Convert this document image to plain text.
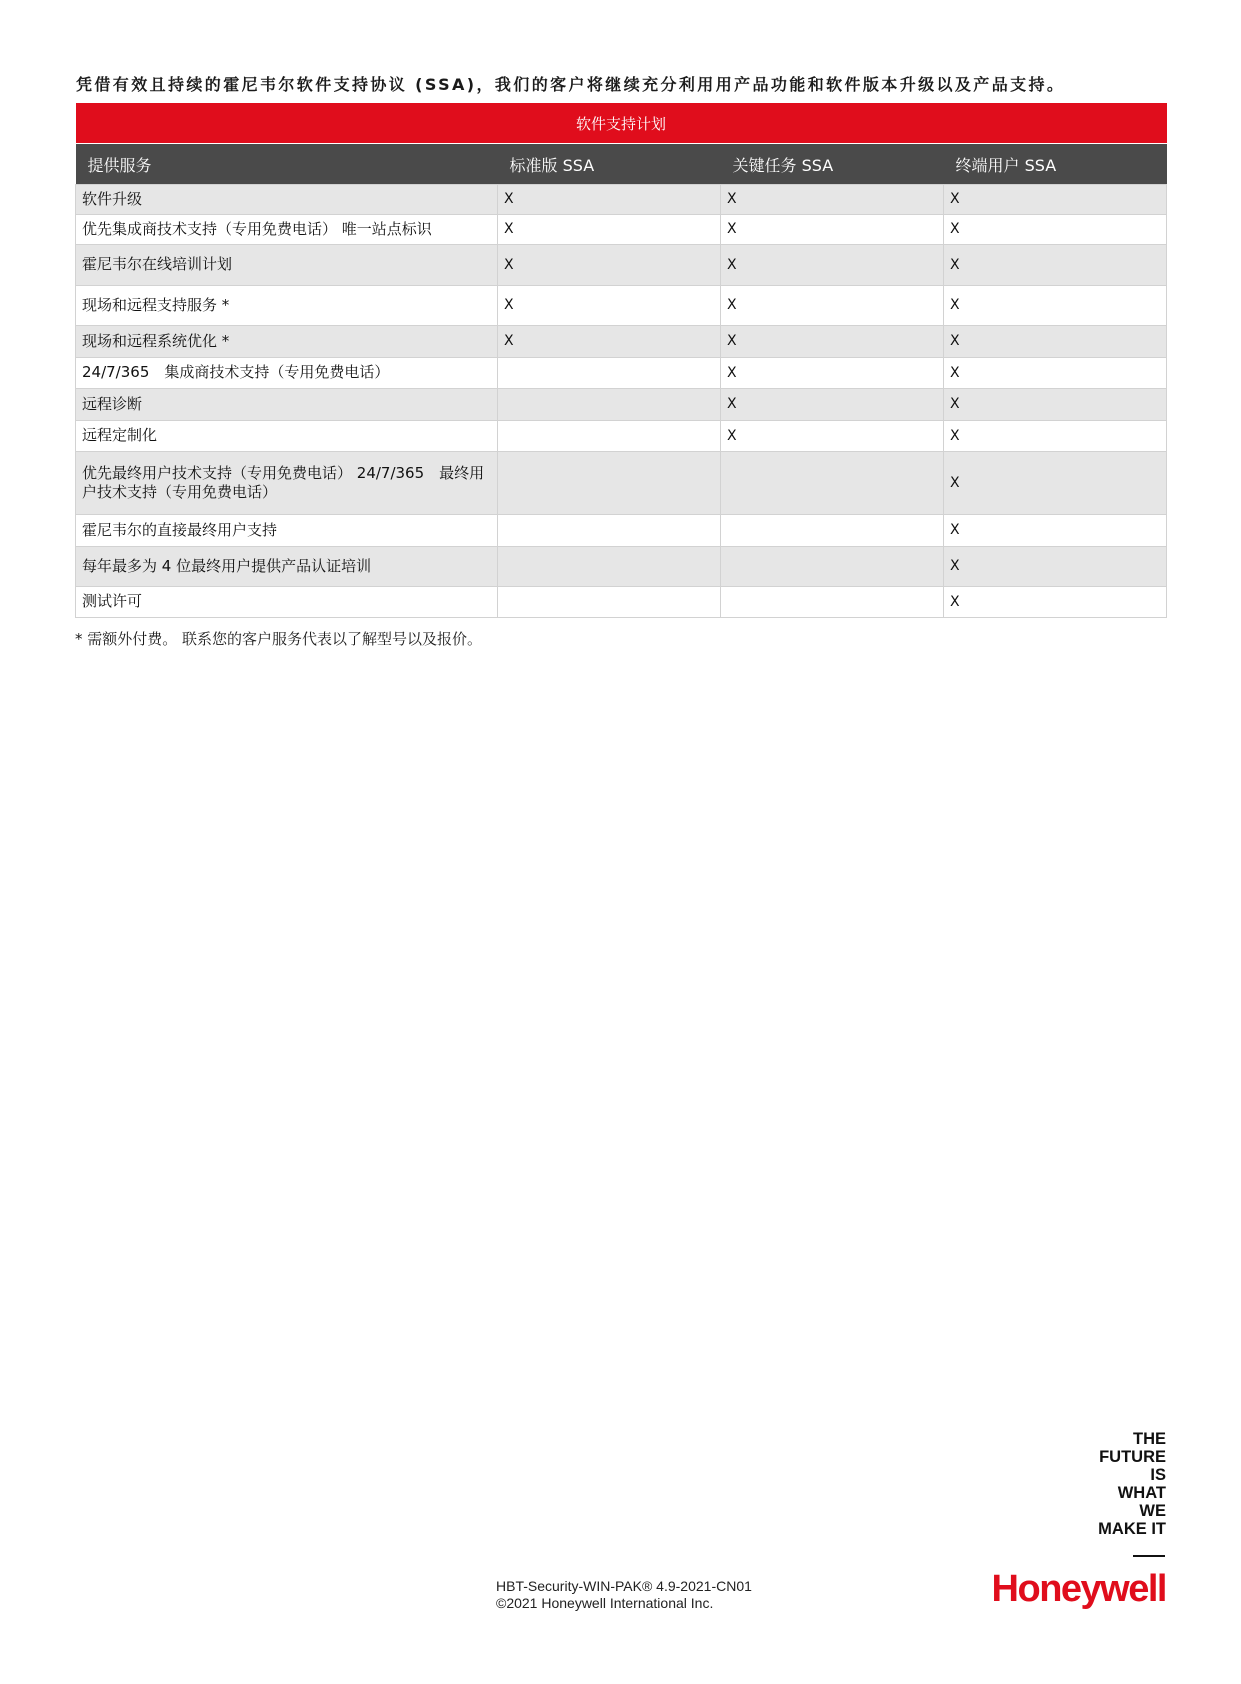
凭借有效且持续的霍尼韦尔软件支持协议 (SSA)，我们的客户将继续充分利用用产品功能和软件版本升级以及产品支持。
软件支持计划			
提供服务	标准版 SSA	关键任务 SSA	终端用户 SSA
软件升级	X	X	X
优先集成商技术支持（专用免费电话） 唯一站点标识	X	X	X
霍尼韦尔在线培训计划	X	X	X
现场和远程支持服务 *	X	X	X
现场和远程系统优化 *	X	X	X
24/7/365　集成商技术支持（专用免费电话）		X	X
远程诊断		X	X
远程定制化		X	X
优先最终用户技术支持（专用免费电话） 24/7/365　最终用户技术支持（专用免费电话）			X
霍尼韦尔的直接最终用户支持			X
每年最多为 4 位最终用户提供产品认证培训			X
测试许可			X
* 需额外付费。 联系您的客户服务代表以了解型号以及报价。
THE
FUTURE
IS
WHAT
WE
MAKE IT
HBT-Security-WIN-PAK® 4.9-2021-CN01
©2021 Honeywell International Inc.	Honeywell
